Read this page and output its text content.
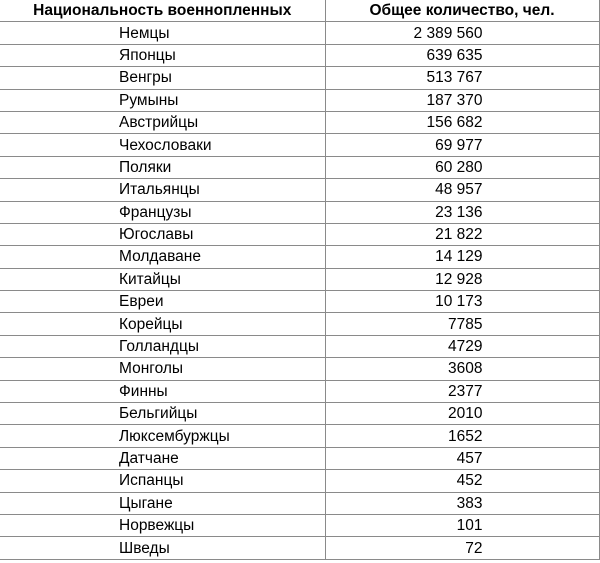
Национальность военнопленных	Общее количество, чел.
Немцы	2 389 560
Японцы	639 635
Венгры	513 767
Румыны	187 370
Австрийцы	156 682
Чехословаки	69 977
Поляки	60 280
Итальянцы	48 957
Французы	23 136
Югославы	21 822
Молдаване	14 129
Китайцы	12 928
Евреи	10 173
Корейцы	7785
Голландцы	4729
Монголы	3608
Финны	2377
Бельгийцы	2010
Люксембуржцы	1652
Датчане	457
Испанцы	452
Цыгане	383
Норвежцы	101
Шведы	72
